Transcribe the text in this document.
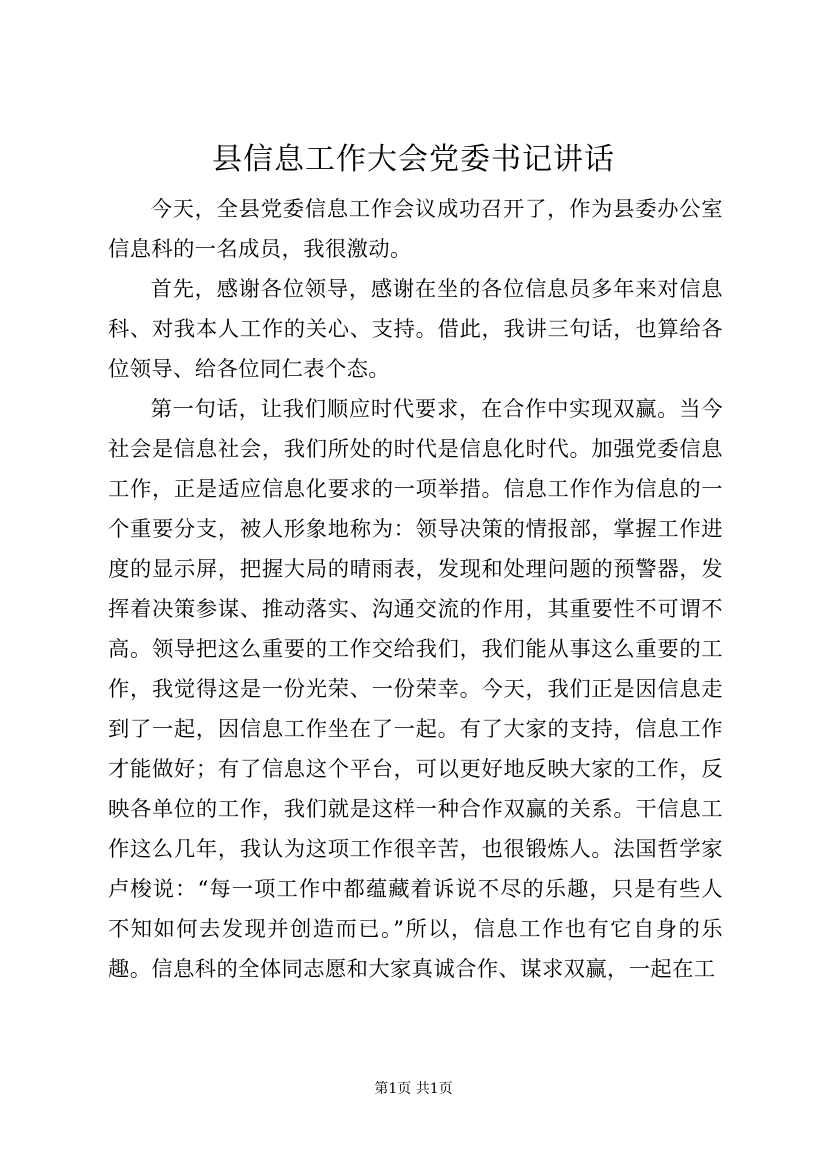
县信息工作大会党委书记讲话

今天，全县党委信息工作会议成功召开了，作为县委办公室信息科的一名成员，我很激动。

首先，感谢各位领导，感谢在坐的各位信息员多年来对信息科、对我本人工作的关心、支持。借此，我讲三句话，也算给各位领导、给各位同仁表个态。

第一句话，让我们顺应时代要求，在合作中实现双赢。当今社会是信息社会，我们所处的时代是信息化时代。加强党委信息工作，正是适应信息化要求的一项举措。信息工作作为信息的一个重要分支，被人形象地称为：领导决策的情报部，掌握工作进度的显示屏，把握大局的晴雨表，发现和处理问题的预警器，发挥着决策参谋、推动落实、沟通交流的作用，其重要性不可谓不高。领导把这么重要的工作交给我们，我们能从事这么重要的工作，我觉得这是一份光荣、一份荣幸。今天，我们正是因信息走到了一起，因信息工作坐在了一起。有了大家的支持，信息工作才能做好；有了信息这个平台，可以更好地反映大家的工作，反映各单位的工作，我们就是这样一种合作双赢的关系。干信息工作这么几年，我认为这项工作很辛苦，也很锻炼人。法国哲学家卢梭说：“每一项工作中都蕴藏着诉说不尽的乐趣，只是有些人不知如何去发现并创造而已。”所以，信息工作也有它自身的乐趣。信息科的全体同志愿和大家真诚合作、谋求双赢，一起在工

第1页 共1页
